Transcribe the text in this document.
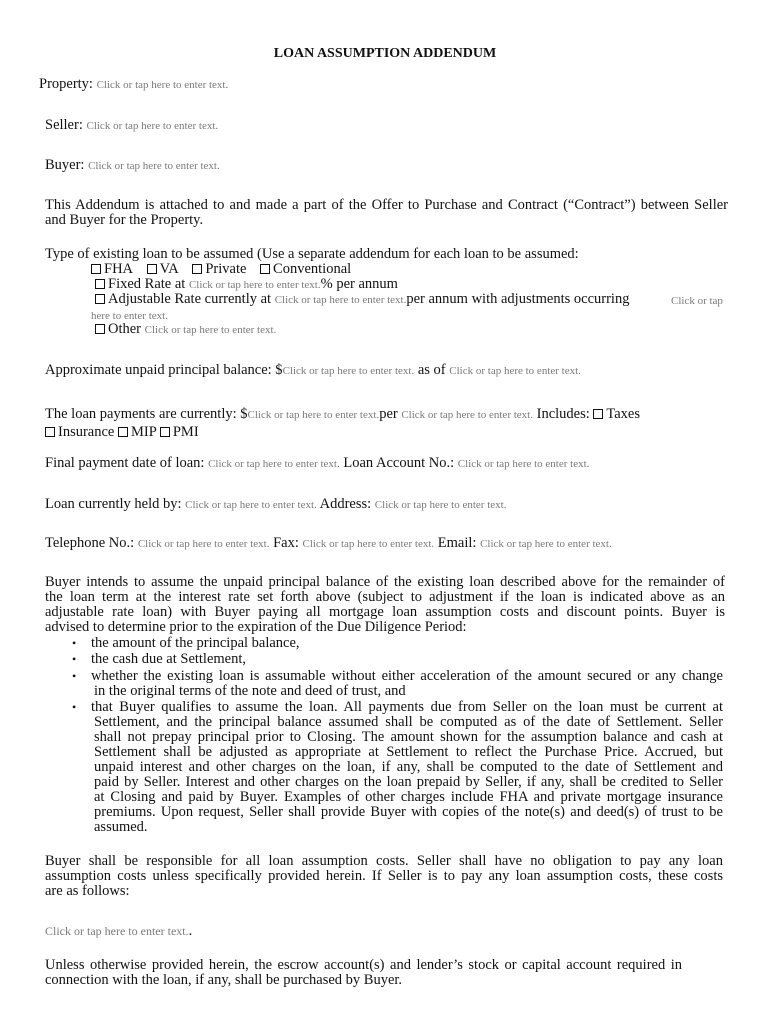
LOAN ASSUMPTION ADDENDUM
Property: Click or tap here to enter text.
Seller: Click or tap here to enter text.
Buyer: Click or tap here to enter text.
This Addendum is attached to and made a part of the Offer to Purchase and Contract (“Contract”) between Seller
and Buyer for the Property.
Type of existing loan to be assumed (Use a separate addendum for each loan to be assumed:
FHA VA Private Conventional
Fixed Rate at Click or tap here to enter text.% per annum
Adjustable Rate currently at Click or tap here to enter text.per annum with adjustments occurring	Click or tap here to enter text.
Other Click or tap here to enter text.
Approximate unpaid principal balance: $Click or tap here to enter text. as of Click or tap here to enter text.
The loan payments are currently: $Click or tap here to enter text.per Click or tap here to enter text. Includes: Taxes
Insurance MIP PMI
Final payment date of loan: Click or tap here to enter text. Loan Account No.: Click or tap here to enter text.
Loan currently held by: Click or tap here to enter text. Address: Click or tap here to enter text.
Telephone No.: Click or tap here to enter text. Fax: Click or tap here to enter text. Email: Click or tap here to enter text.
Buyer intends to assume the unpaid principal balance of the existing loan described above for the remainder of
the loan term at the interest rate set forth above (subject to adjustment if the loan is indicated above as an
adjustable rate loan) with Buyer paying all mortgage loan assumption costs and discount points. Buyer is
advised to determine prior to the expiration of the Due Diligence Period:
• the amount of the principal balance,
• the cash due at Settlement,
• whether the existing loan is assumable without either acceleration of the amount secured or any change
in the original terms of the note and deed of trust, and
• that Buyer qualifies to assume the loan. All payments due from Seller on the loan must be current at
Settlement, and the principal balance assumed shall be computed as of the date of Settlement. Seller
shall not prepay principal prior to Closing. The amount shown for the assumption balance and cash at
Settlement shall be adjusted as appropriate at Settlement to reflect the Purchase Price. Accrued, but
unpaid interest and other charges on the loan, if any, shall be computed to the date of Settlement and
paid by Seller. Interest and other charges on the loan prepaid by Seller, if any, shall be credited to Seller
at Closing and paid by Buyer. Examples of other charges include FHA and private mortgage insurance
premiums. Upon request, Seller shall provide Buyer with copies of the note(s) and deed(s) of trust to be
assumed.
Buyer shall be responsible for all loan assumption costs. Seller shall have no obligation to pay any loan
assumption costs unless specifically provided herein. If Seller is to pay any loan assumption costs, these costs
are as follows:
Click or tap here to enter text..
Unless otherwise provided herein, the escrow account(s) and lender’s stock or capital account required in
connection with the loan, if any, shall be purchased by Buyer.
